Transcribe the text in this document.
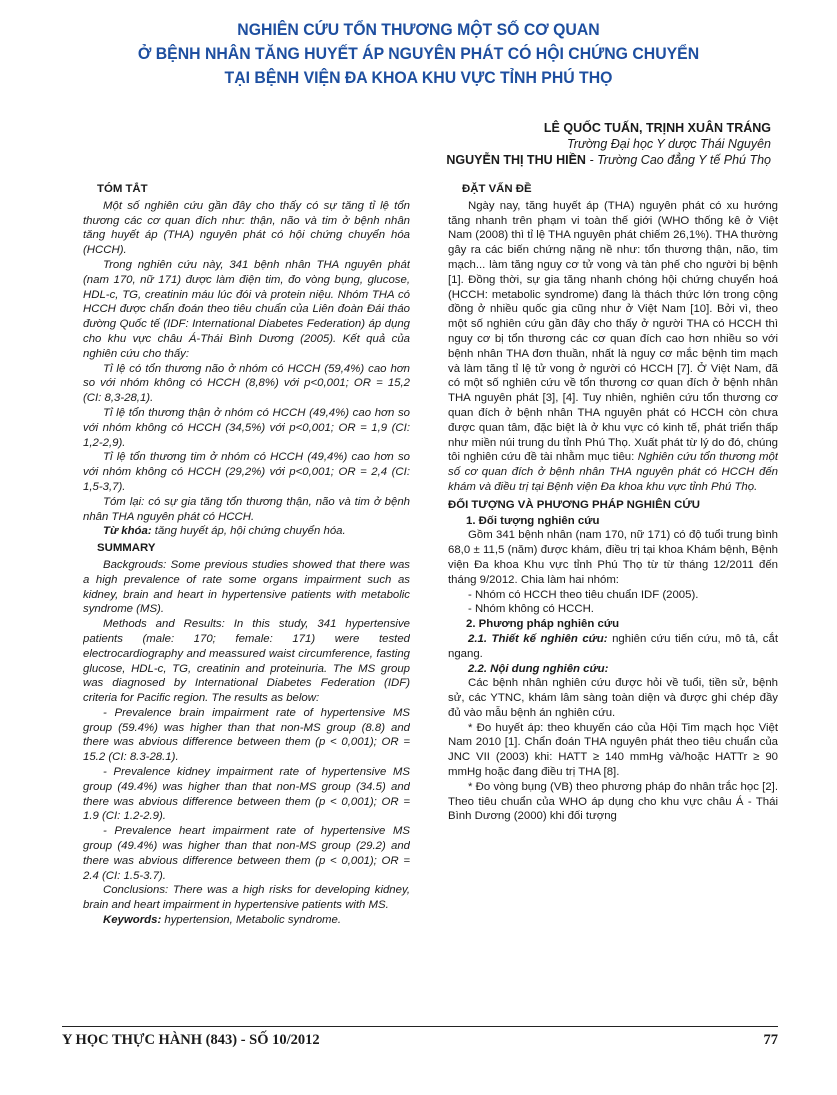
NGHIÊN CỨU TỔN THƯƠNG MỘT SỐ CƠ QUAN
Ở BỆNH NHÂN TĂNG HUYẾT ÁP NGUYÊN PHÁT CÓ HỘI CHỨNG CHUYỂN
TẠI BỆNH VIỆN ĐA KHOA KHU VỰC TỈNH PHÚ THỌ
LÊ QUỐC TUẤN, TRỊNH XUÂN TRÁNG
Trường Đại học Y dược Thái Nguyên
NGUYỄN THỊ THU HIỀN - Trường Cao đẳng Y tế Phú Thọ
TÓM TẮT

Một số nghiên cứu gần đây cho thấy có sự tăng tỉ lệ tổn thương các cơ quan đích như: thận, não và tim ở bệnh nhân tăng huyết áp (THA) nguyên phát có hội chứng chuyển hóa (HCCH).

Trong nghiên cứu này, 341 bệnh nhân THA nguyên phát (nam 170, nữ 171) được làm điện tim, đo vòng bụng, glucose, HDL-c, TG, creatinin máu lúc đói và protein niệu. Nhóm THA có HCCH được chẩn đoán theo tiêu chuẩn của Liên đoàn Đái tháo đường Quốc tế (IDF: International Diabetes Federation) áp dụng cho khu vực châu Á-Thái Bình Dương (2005). Kết quả của nghiên cứu cho thấy:

Tỉ lệ có tổn thương não ở nhóm có HCCH (59,4%) cao hơn so với nhóm không có HCCH (8,8%) với p<0,001; OR = 15,2 (CI: 8,3-28,1).

Tỉ lệ tổn thương thận ở nhóm có HCCH (49,4%) cao hơn so với nhóm không có HCCH (34,5%) với p<0,001; OR = 1,9 (CI: 1,2-2,9).

Tỉ lệ tổn thương tim ở nhóm có HCCH (49,4%) cao hơn so với nhóm không có HCCH (29,2%) với p<0,001; OR = 2,4 (CI: 1,5-3,7).

Tóm lại: có sự gia tăng tổn thương thận, não và tim ở bệnh nhân THA nguyên phát có HCCH.

Từ khóa: tăng huyết áp, hội chứng chuyển hóa.

SUMMARY

Backgrouds: Some previous studies showed that there was a high prevalence of rate some organs impairment such as kidney, brain and heart in hypertensive patients with metabolic syndrome (MS).

Methods and Results: In this study, 341 hypertensive patients (male: 170; female: 171) were tested electrocardiography and meassured waist circumference, fasting glucose, HDL-c, TG, creatinin and proteinuria. The MS group was diagnosed by International Diabetes Federation (IDF) criteria for Pacific region. The results as below:

- Prevalence brain impairment rate of hypertensive MS group (59.4%) was higher than that non-MS group (8.8) and there was abvious difference between them (p < 0,001); OR = 15.2 (CI: 8.3-28.1).

- Prevalence kidney impairment rate of hypertensive MS group (49.4%) was higher than that non-MS group (34.5) and there was abvious difference between them (p < 0,001); OR = 1.9 (CI: 1.2-2.9).

- Prevalence heart impairment rate of hypertensive MS group (49.4%) was higher than that non-MS group (29.2) and there was abvious difference between them (p < 0,001); OR = 2.4 (CI: 1.5-3.7).

Conclusions: There was a high risks for developing kidney, brain and heart impairment in hypertensive patients with MS.

Keywords: hypertension, Metabolic syndrome.

ĐẶT VẤN ĐỀ

Ngày nay, tăng huyết áp (THA) nguyên phát có xu hướng tăng nhanh trên phạm vi toàn thế giới (WHO thống kê ở Việt Nam (2008) thì tỉ lệ THA nguyên phát chiếm 26,1%). THA thường gây ra các biến chứng nặng nề như: tổn thương thận, não, tim mạch... làm tăng nguy cơ tử vong và tàn phế cho người bị bệnh [1]. Đồng thời, sự gia tăng nhanh chóng hội chứng chuyển hoá (HCCH: metabolic syndrome) đang là thách thức lớn trong cộng đồng ở nhiều quốc gia cũng như ở Việt Nam [10]. Bởi vì, theo một số nghiên cứu gần đây cho thấy ở người THA có HCCH thì nguy cơ bị tổn thương các cơ quan đích cao hơn nhiều so với bệnh nhân THA đơn thuần, nhất là nguy cơ mắc bệnh tim mạch và làm tăng tỉ lệ tử vong ở người có HCCH [7]. Ở Việt Nam, đã có một số nghiên cứu về tổn thương cơ quan đích ở bệnh nhân THA nguyên phát [3], [4]. Tuy nhiên, nghiên cứu tổn thương cơ quan đích ở bệnh nhân THA nguyên phát có HCCH còn chưa được quan tâm, đặc biệt là ở khu vực có kinh tế, phát triển thấp như miền núi trung du tỉnh Phú Thọ. Xuất phát từ lý do đó, chúng tôi nghiên cứu đề tài nhằm mục tiêu: Nghiên cứu tổn thương một số cơ quan đích ở bệnh nhân THA nguyên phát có HCCH đến khám và điều trị tại Bệnh viện Đa khoa khu vực tỉnh Phú Thọ.

ĐỐI TƯỢNG VÀ PHƯƠNG PHÁP NGHIÊN CỨU

1. Đối tượng nghiên cứu

Gồm 341 bệnh nhân (nam 170, nữ 171) có độ tuổi trung bình 68,0 ± 11,5 (năm) được khám, điều trị tại khoa Khám bệnh, Bệnh viện Đa khoa Khu vực tỉnh Phú Thọ từ từ tháng 12/2011 đến tháng 9/2012. Chia làm hai nhóm:

- Nhóm có HCCH theo tiêu chuẩn IDF (2005).

- Nhóm không có HCCH.

2. Phương pháp nghiên cứu

2.1. Thiết kế nghiên cứu: nghiên cứu tiến cứu, mô tả, cắt ngang.

2.2. Nội dung nghiên cứu:

Các bệnh nhân nghiên cứu được hỏi về tuổi, tiền sử, bệnh sử, các YTNC, khám lâm sàng toàn diện và được ghi chép đầy đủ vào mẫu bệnh án nghiên cứu.

* Đo huyết áp: theo khuyến cáo của Hội Tim mạch học Việt Nam 2010 [1]. Chẩn đoán THA nguyên phát theo tiêu chuẩn của JNC VII (2003) khi: HATT ≥ 140 mmHg và/hoặc HATTr ≥ 90 mmHg hoặc đang điều trị THA [8].

* Đo vòng bụng (VB) theo phương pháp đo nhân trắc học [2]. Theo tiêu chuẩn của WHO áp dụng cho khu vực châu Á - Thái Bình Dương (2000) khi đối tượng

Y HỌC THỰC HÀNH (843) - SỐ 10/2012	77
